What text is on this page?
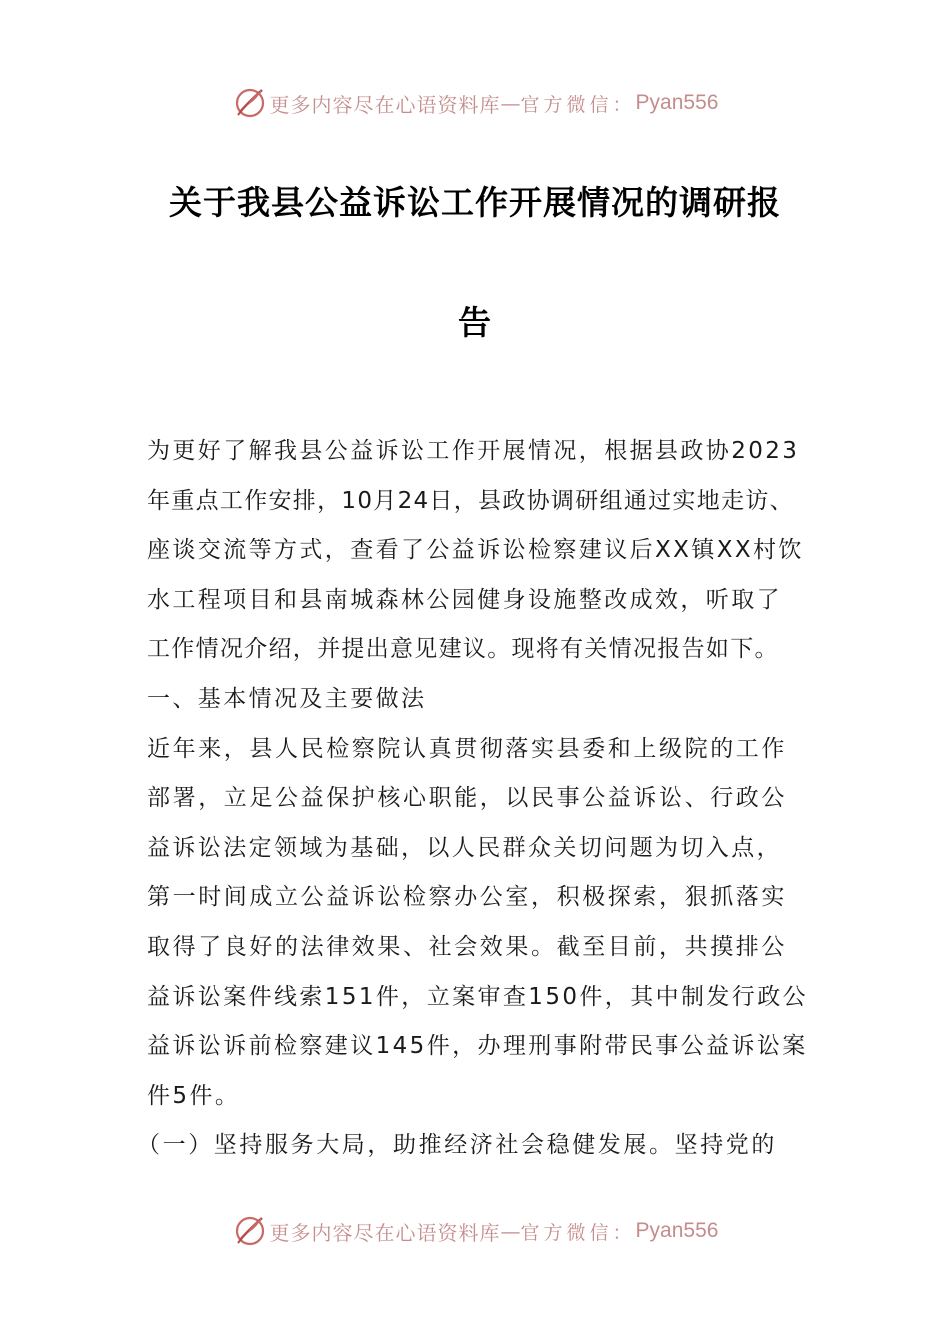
更多内容尽在心语资料库 — 官方微信： Pyan556
关于我县公益诉讼工作开展情况的调研报
告
为更好了解我县公益诉讼工作开展情况，根据县政协2023
年重点工作安排，10月24日，县政协调研组通过实地走访、
座谈交流等方式，查看了公益诉讼检察建议后XX镇XX村饮
水工程项目和县南城森林公园健身设施整改成效，听取了
工作情况介绍，并提出意见建议。现将有关情况报告如下。
一、基本情况及主要做法
近年来，县人民检察院认真贯彻落实县委和上级院的工作
部署，立足公益保护核心职能，以民事公益诉讼、行政公
益诉讼法定领域为基础，以人民群众关切问题为切入点，
第一时间成立公益诉讼检察办公室，积极探索，狠抓落实
取得了良好的法律效果、社会效果。截至目前，共摸排公
益诉讼案件线索151件，立案审查150件，其中制发行政公
益诉讼诉前检察建议145件，办理刑事附带民事公益诉讼案
件5件。
（一）坚持服务大局，助推经济社会稳健发展。坚持党的
更多内容尽在心语资料库 — 官方微信： Pyan556
